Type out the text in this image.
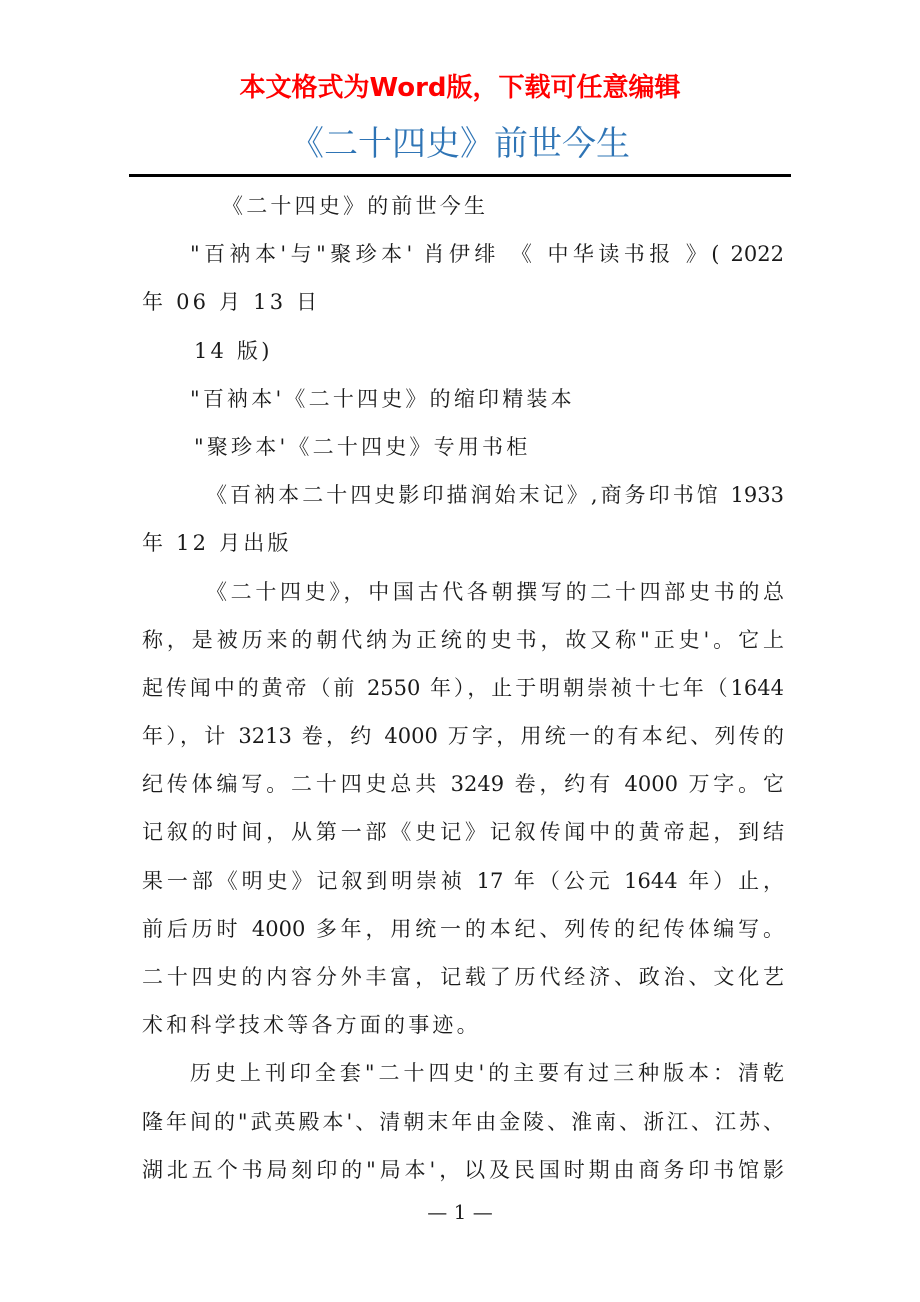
本文格式为Word版，下载可任意编辑
《二十四史》前世今生
《二十四史》的前世今生
"百衲本'与"聚珍本' 肖伊绯 《 中华读书报 》( 2022
年 06 月 13 日
14 版)
"百衲本'《二十四史》的缩印精装本
"聚珍本'《二十四史》专用书柜
《百衲本二十四史影印描润始末记》,商务印书馆 1933
年 12 月出版
《二十四史》，中国古代各朝撰写的二十四部史书的总
称，是被历来的朝代纳为正统的史书，故又称"正史'。它上
起传闻中的黄帝（前 2550 年），止于明朝崇祯十七年（1644
年），计 3213 卷，约 4000 万字，用统一的有本纪、列传的
纪传体编写。二十四史总共 3249 卷，约有 4000 万字。它
记叙的时间，从第一部《史记》记叙传闻中的黄帝起，到结
果一部《明史》记叙到明崇祯 17 年（公元 1644 年）止，
前后历时 4000 多年，用统一的本纪、列传的纪传体编写。
二十四史的内容分外丰富，记载了历代经济、政治、文化艺
术和科学技术等各方面的事迹。
历史上刊印全套"二十四史'的主要有过三种版本：清乾
隆年间的"武英殿本'、清朝末年由金陵、淮南、浙江、江苏、
湖北五个书局刻印的"局本'，以及民国时期由商务印书馆影
— 1 —
